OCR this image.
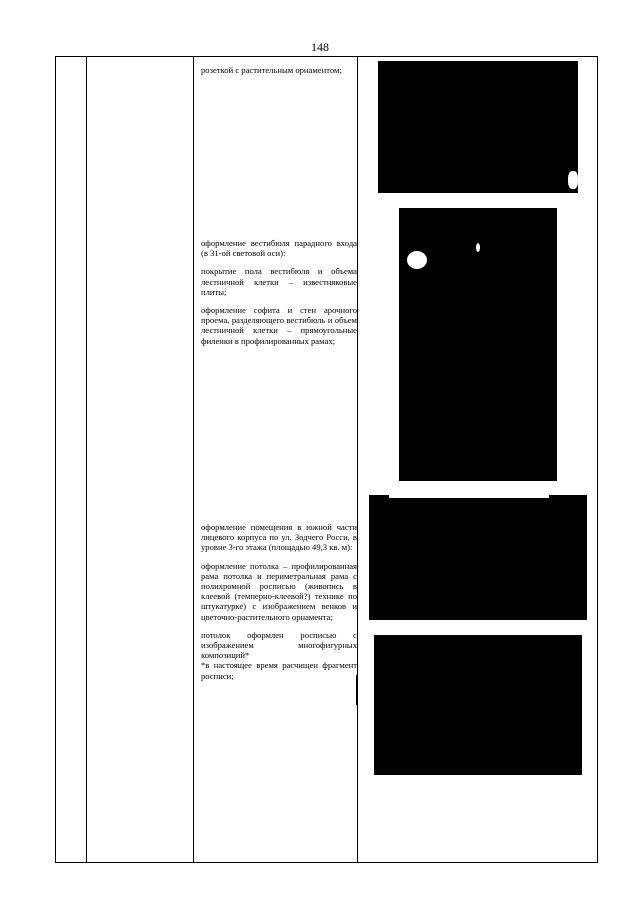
148

розеткой с растительным орнаментом;

оформление вестибюля парадного входа (в 31-ой световой оси):

покрытие пола вестибюля и объема лестничной клетки – известняковые плиты;

оформление софита и стен арочного проема, разделяющего вестибюль и объем лестничной клетки – прямоугольные филенки в профилированных рамах;

оформление помещения в южной части лицевого корпуса по ул. Зодчего Росси, в уровне 3-го этажа (площадью 49,3 кв. м):

оформление потолка – профилированная рама потолка и периметральная рама с полихромной росписью (живопись в клеевой (темперно-клеевой?) технике по штукатурке) с изображением венков и цветочно-растительного орнамента;

потолок оформлен росписью с изображением многофигурных композиций*

*в настоящее время расчищен фрагмент росписи;
